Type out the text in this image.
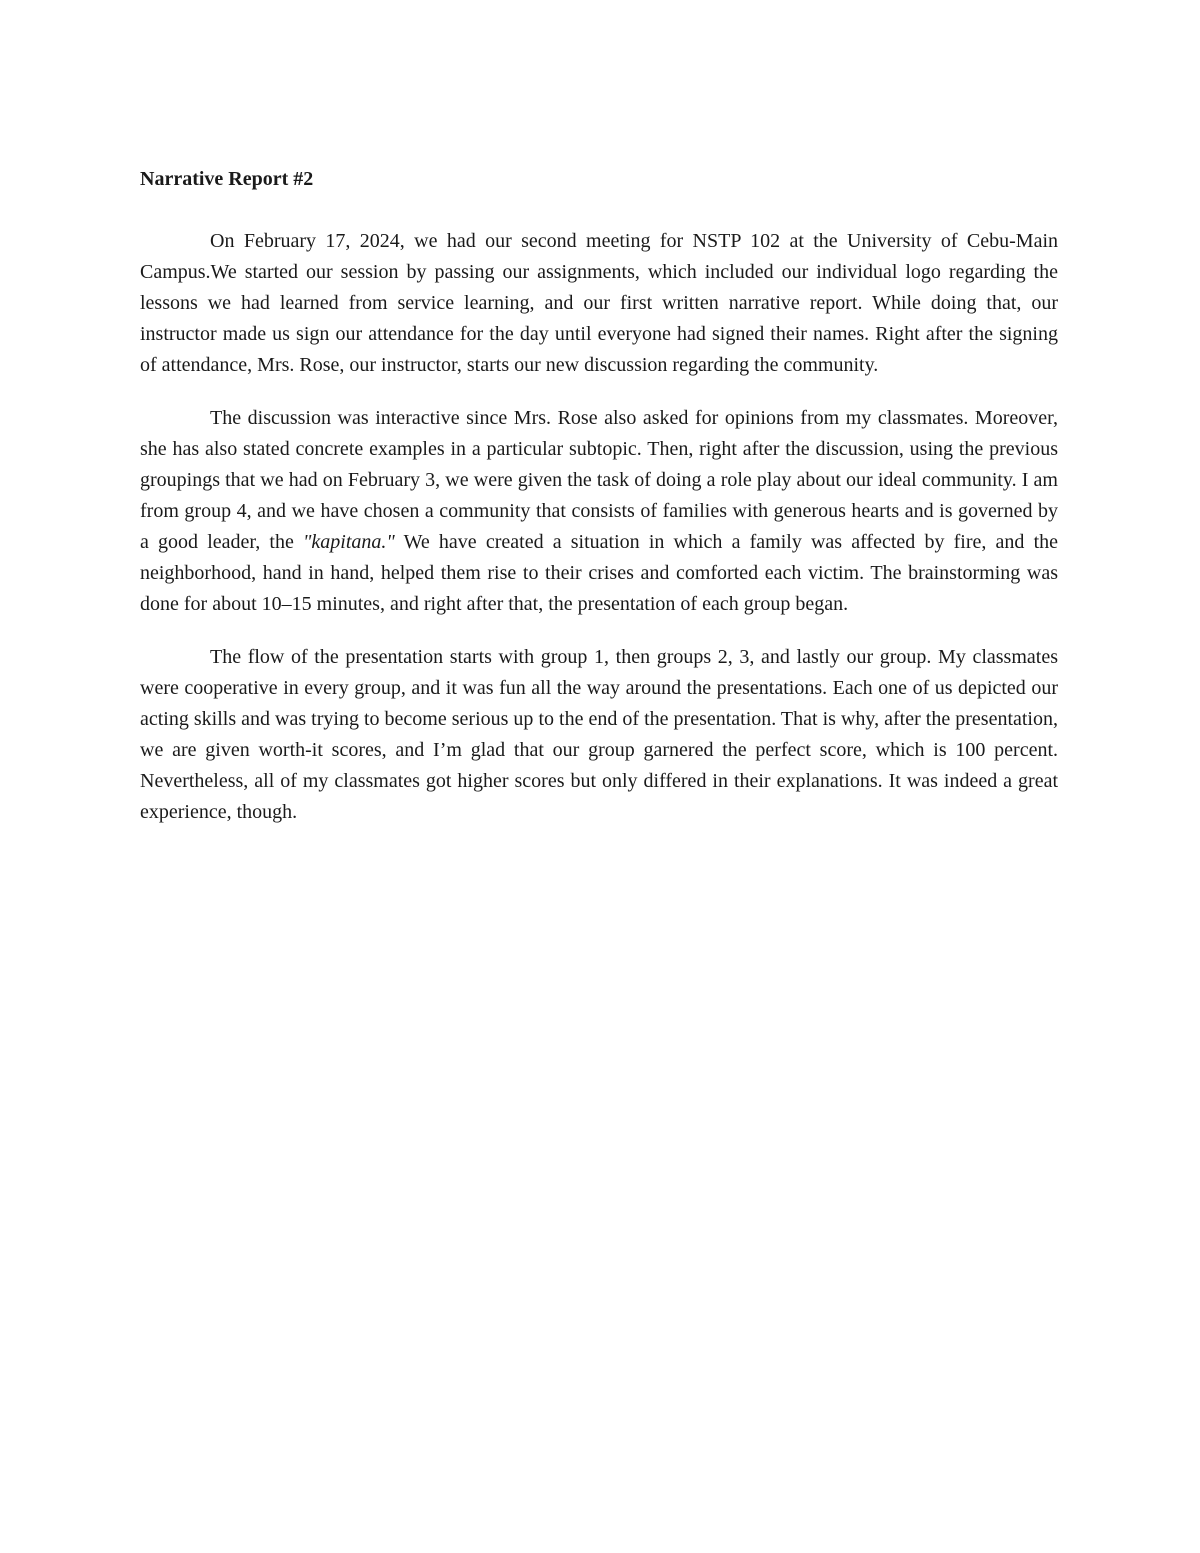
Narrative Report #2

On February 17, 2024, we had our second meeting for NSTP 102 at the University of Cebu-Main Campus.We started our session by passing our assignments, which included our individual logo regarding the lessons we had learned from service learning, and our first written narrative report. While doing that, our instructor made us sign our attendance for the day until everyone had signed their names. Right after the signing of attendance, Mrs. Rose, our instructor, starts our new discussion regarding the community.

The discussion was interactive since Mrs. Rose also asked for opinions from my classmates. Moreover, she has also stated concrete examples in a particular subtopic. Then, right after the discussion, using the previous groupings that we had on February 3, we were given the task of doing a role play about our ideal community. I am from group 4, and we have chosen a community that consists of families with generous hearts and is governed by a good leader, the "kapitana." We have created a situation in which a family was affected by fire, and the neighborhood, hand in hand, helped them rise to their crises and comforted each victim. The brainstorming was done for about 10–15 minutes, and right after that, the presentation of each group began.

The flow of the presentation starts with group 1, then groups 2, 3, and lastly our group. My classmates were cooperative in every group, and it was fun all the way around the presentations. Each one of us depicted our acting skills and was trying to become serious up to the end of the presentation. That is why, after the presentation, we are given worth-it scores, and I’m glad that our group garnered the perfect score, which is 100 percent. Nevertheless, all of my classmates got higher scores but only differed in their explanations. It was indeed a great experience, though.
